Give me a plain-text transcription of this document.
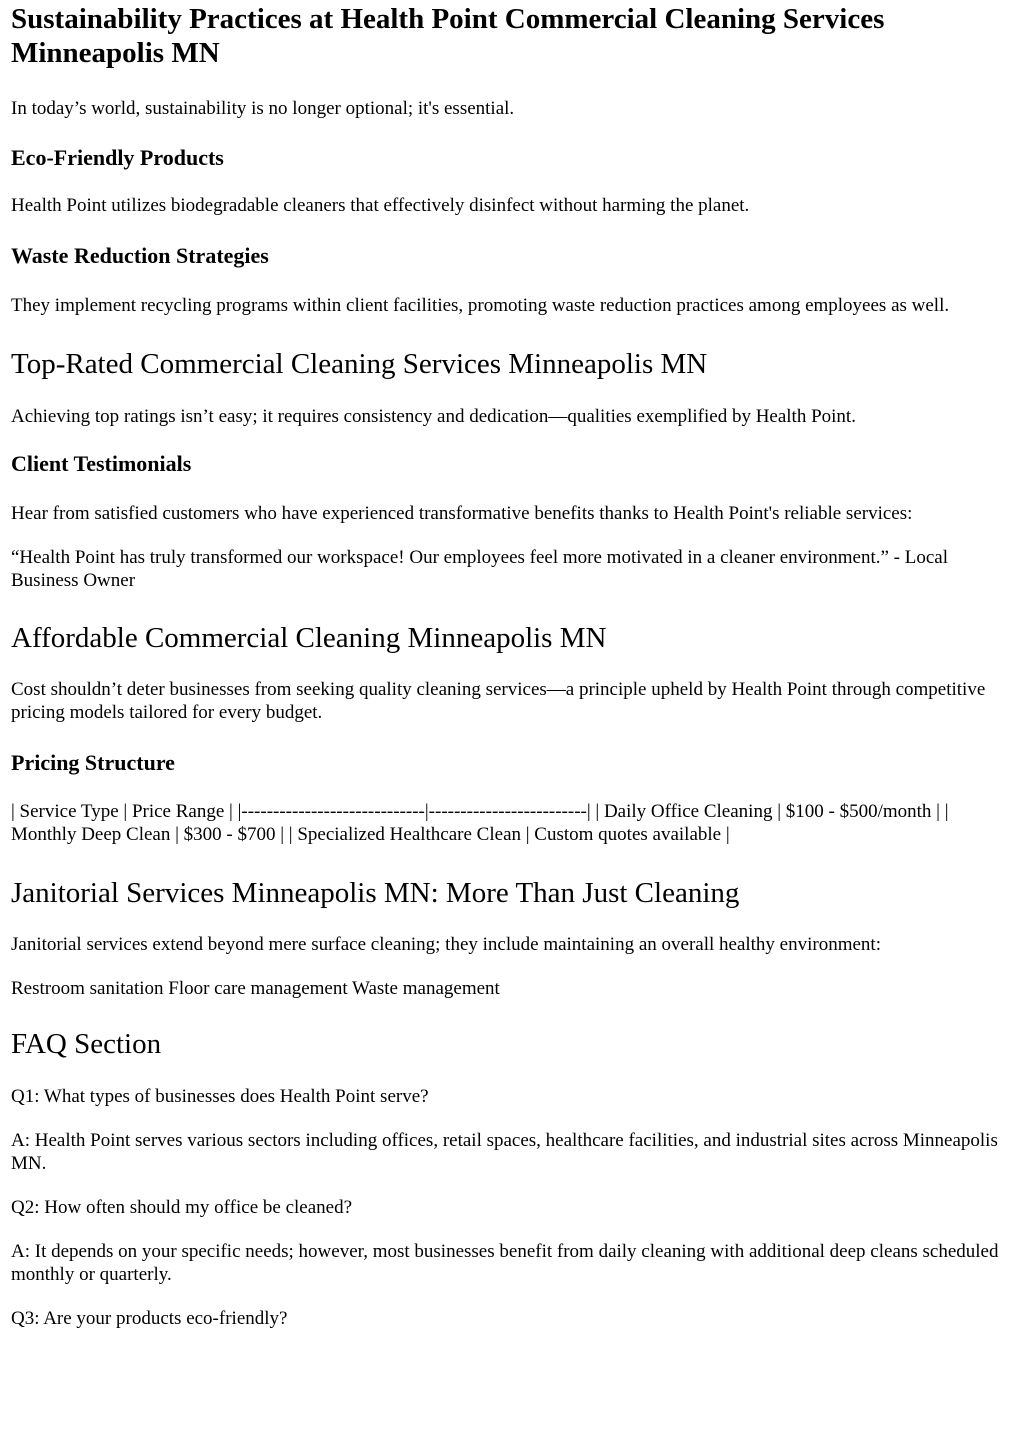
Sustainability Practices at Health Point Commercial Cleaning Services Minneapolis MN

In today’s world, sustainability is no longer optional; it's essential.

Eco-Friendly Products

Health Point utilizes biodegradable cleaners that effectively disinfect without harming the planet.

Waste Reduction Strategies

They implement recycling programs within client facilities, promoting waste reduction practices among employees as well.

Top-Rated Commercial Cleaning Services Minneapolis MN

Achieving top ratings isn’t easy; it requires consistency and dedication—qualities exemplified by Health Point.

Client Testimonials

Hear from satisfied customers who have experienced transformative benefits thanks to Health Point's reliable services:

“Health Point has truly transformed our workspace! Our employees feel more motivated in a cleaner environment.” - Local Business Owner

Affordable Commercial Cleaning Minneapolis MN

Cost shouldn’t deter businesses from seeking quality cleaning services—a principle upheld by Health Point through competitive pricing models tailored for every budget.

Pricing Structure

| Service Type | Price Range | |-----------------------------|-------------------------| | Daily Office Cleaning | $100 - $500/month | | Monthly Deep Clean | $300 - $700 | | Specialized Healthcare Clean | Custom quotes available |

Janitorial Services Minneapolis MN: More Than Just Cleaning

Janitorial services extend beyond mere surface cleaning; they include maintaining an overall healthy environment:

Restroom sanitation Floor care management Waste management

FAQ Section

Q1: What types of businesses does Health Point serve?

A: Health Point serves various sectors including offices, retail spaces, healthcare facilities, and industrial sites across Minneapolis MN.

Q2: How often should my office be cleaned?

A: It depends on your specific needs; however, most businesses benefit from daily cleaning with additional deep cleans scheduled monthly or quarterly.

Q3: Are your products eco-friendly?
